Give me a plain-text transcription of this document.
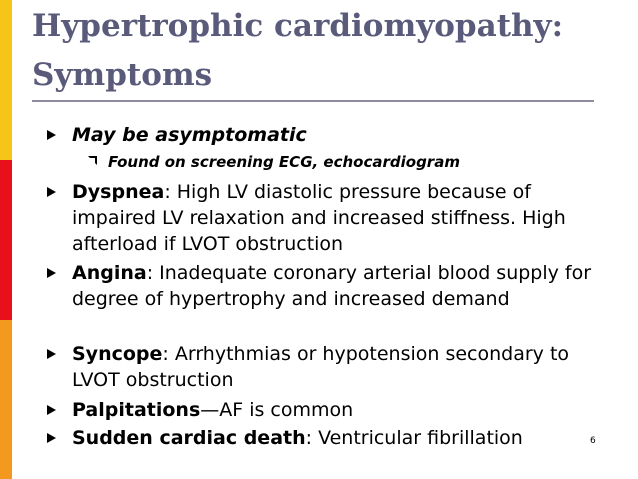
Hypertrophic cardiomyopathy:
Symptoms
May be asymptomatic
Found on screening ECG, echocardiogram
Dyspnea: High LV diastolic pressure because of impaired LV relaxation and increased stiffness. High afterload if LVOT obstruction
Angina: Inadequate coronary arterial blood supply for degree of hypertrophy and increased demand
Syncope: Arrhythmias or hypotension secondary to LVOT obstruction
Palpitations—AF is common
Sudden cardiac death: Ventricular fibrillation	6
